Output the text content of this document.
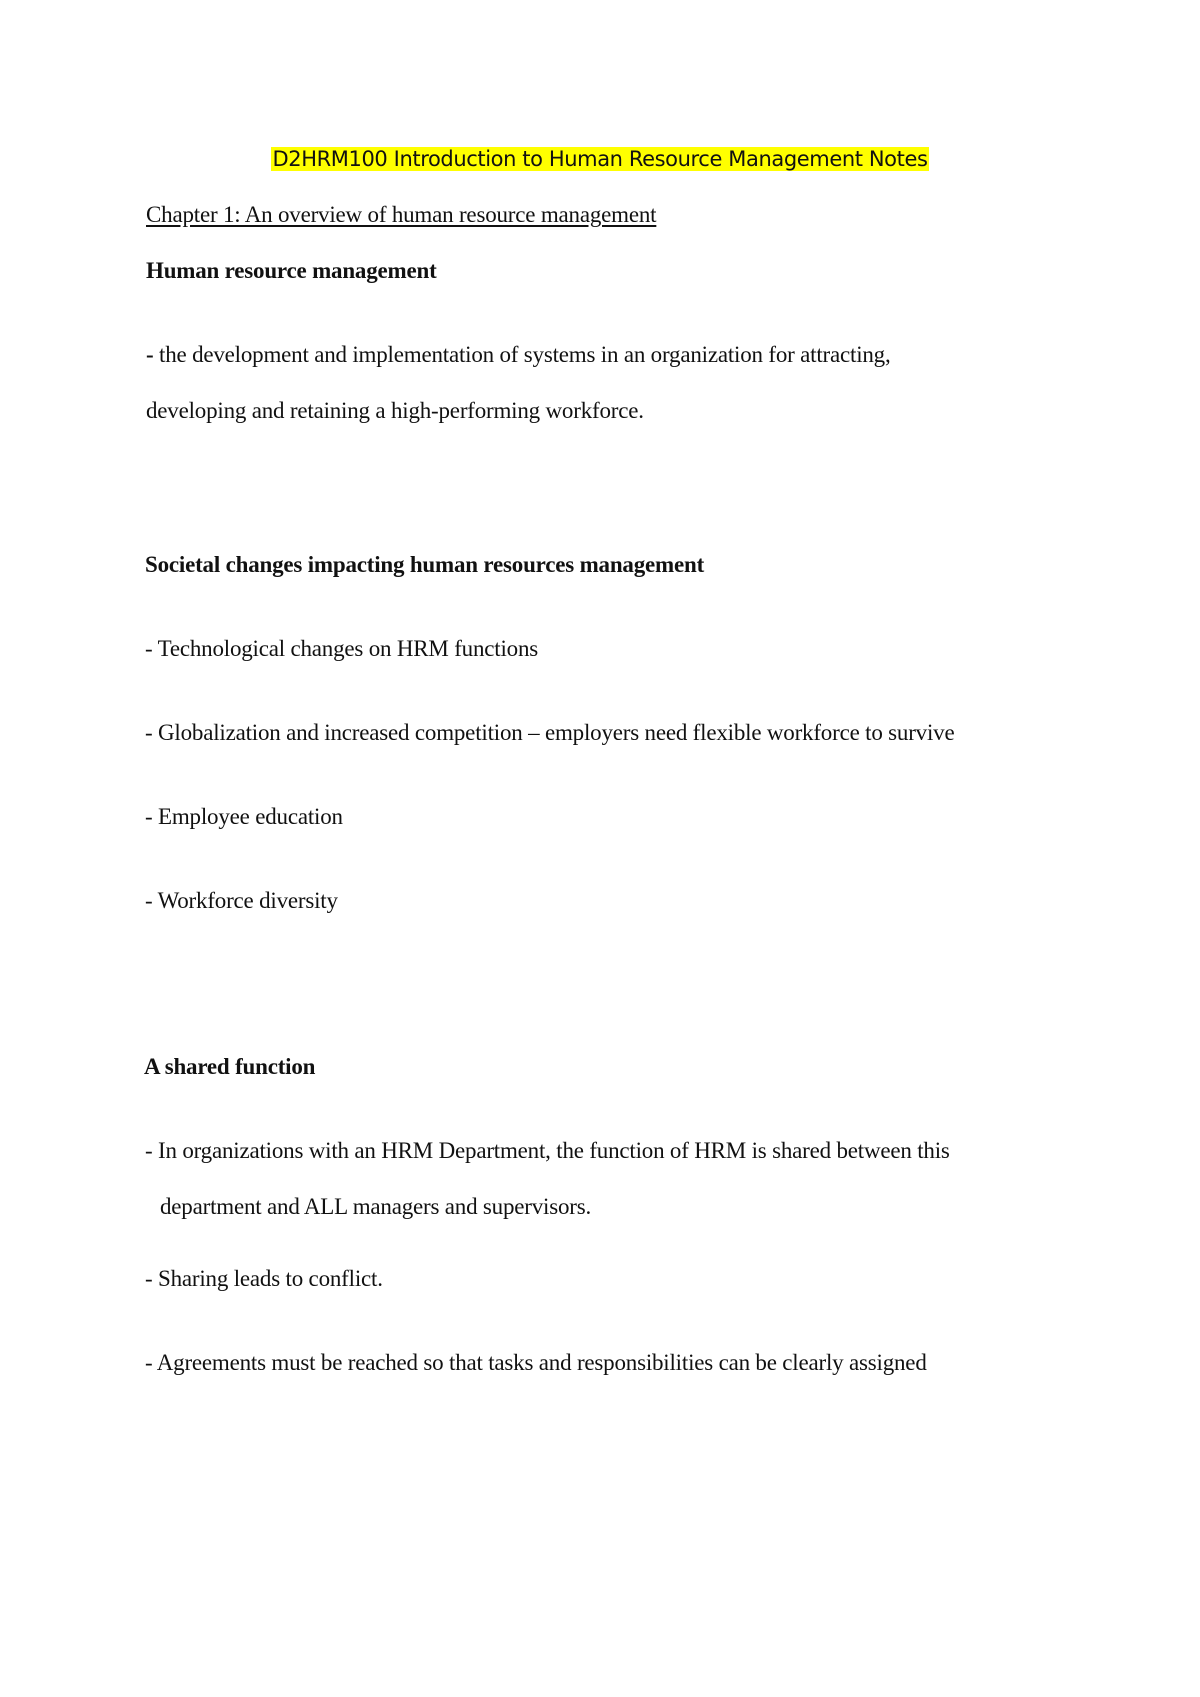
D2HRM100 Introduction to Human Resource Management Notes
Chapter 1: An overview of human resource management
Human resource management
- the development and implementation of systems in an organization for attracting,
developing and retaining a high-performing workforce.
Societal changes impacting human resources management
- Technological changes on HRM functions
- Globalization and increased competition – employers need flexible workforce to survive
- Employee education
- Workforce diversity
A shared function
- In organizations with an HRM Department, the function of HRM is shared between this
department and ALL managers and supervisors.
- Sharing leads to conflict.
- Agreements must be reached so that tasks and responsibilities can be clearly assigned
